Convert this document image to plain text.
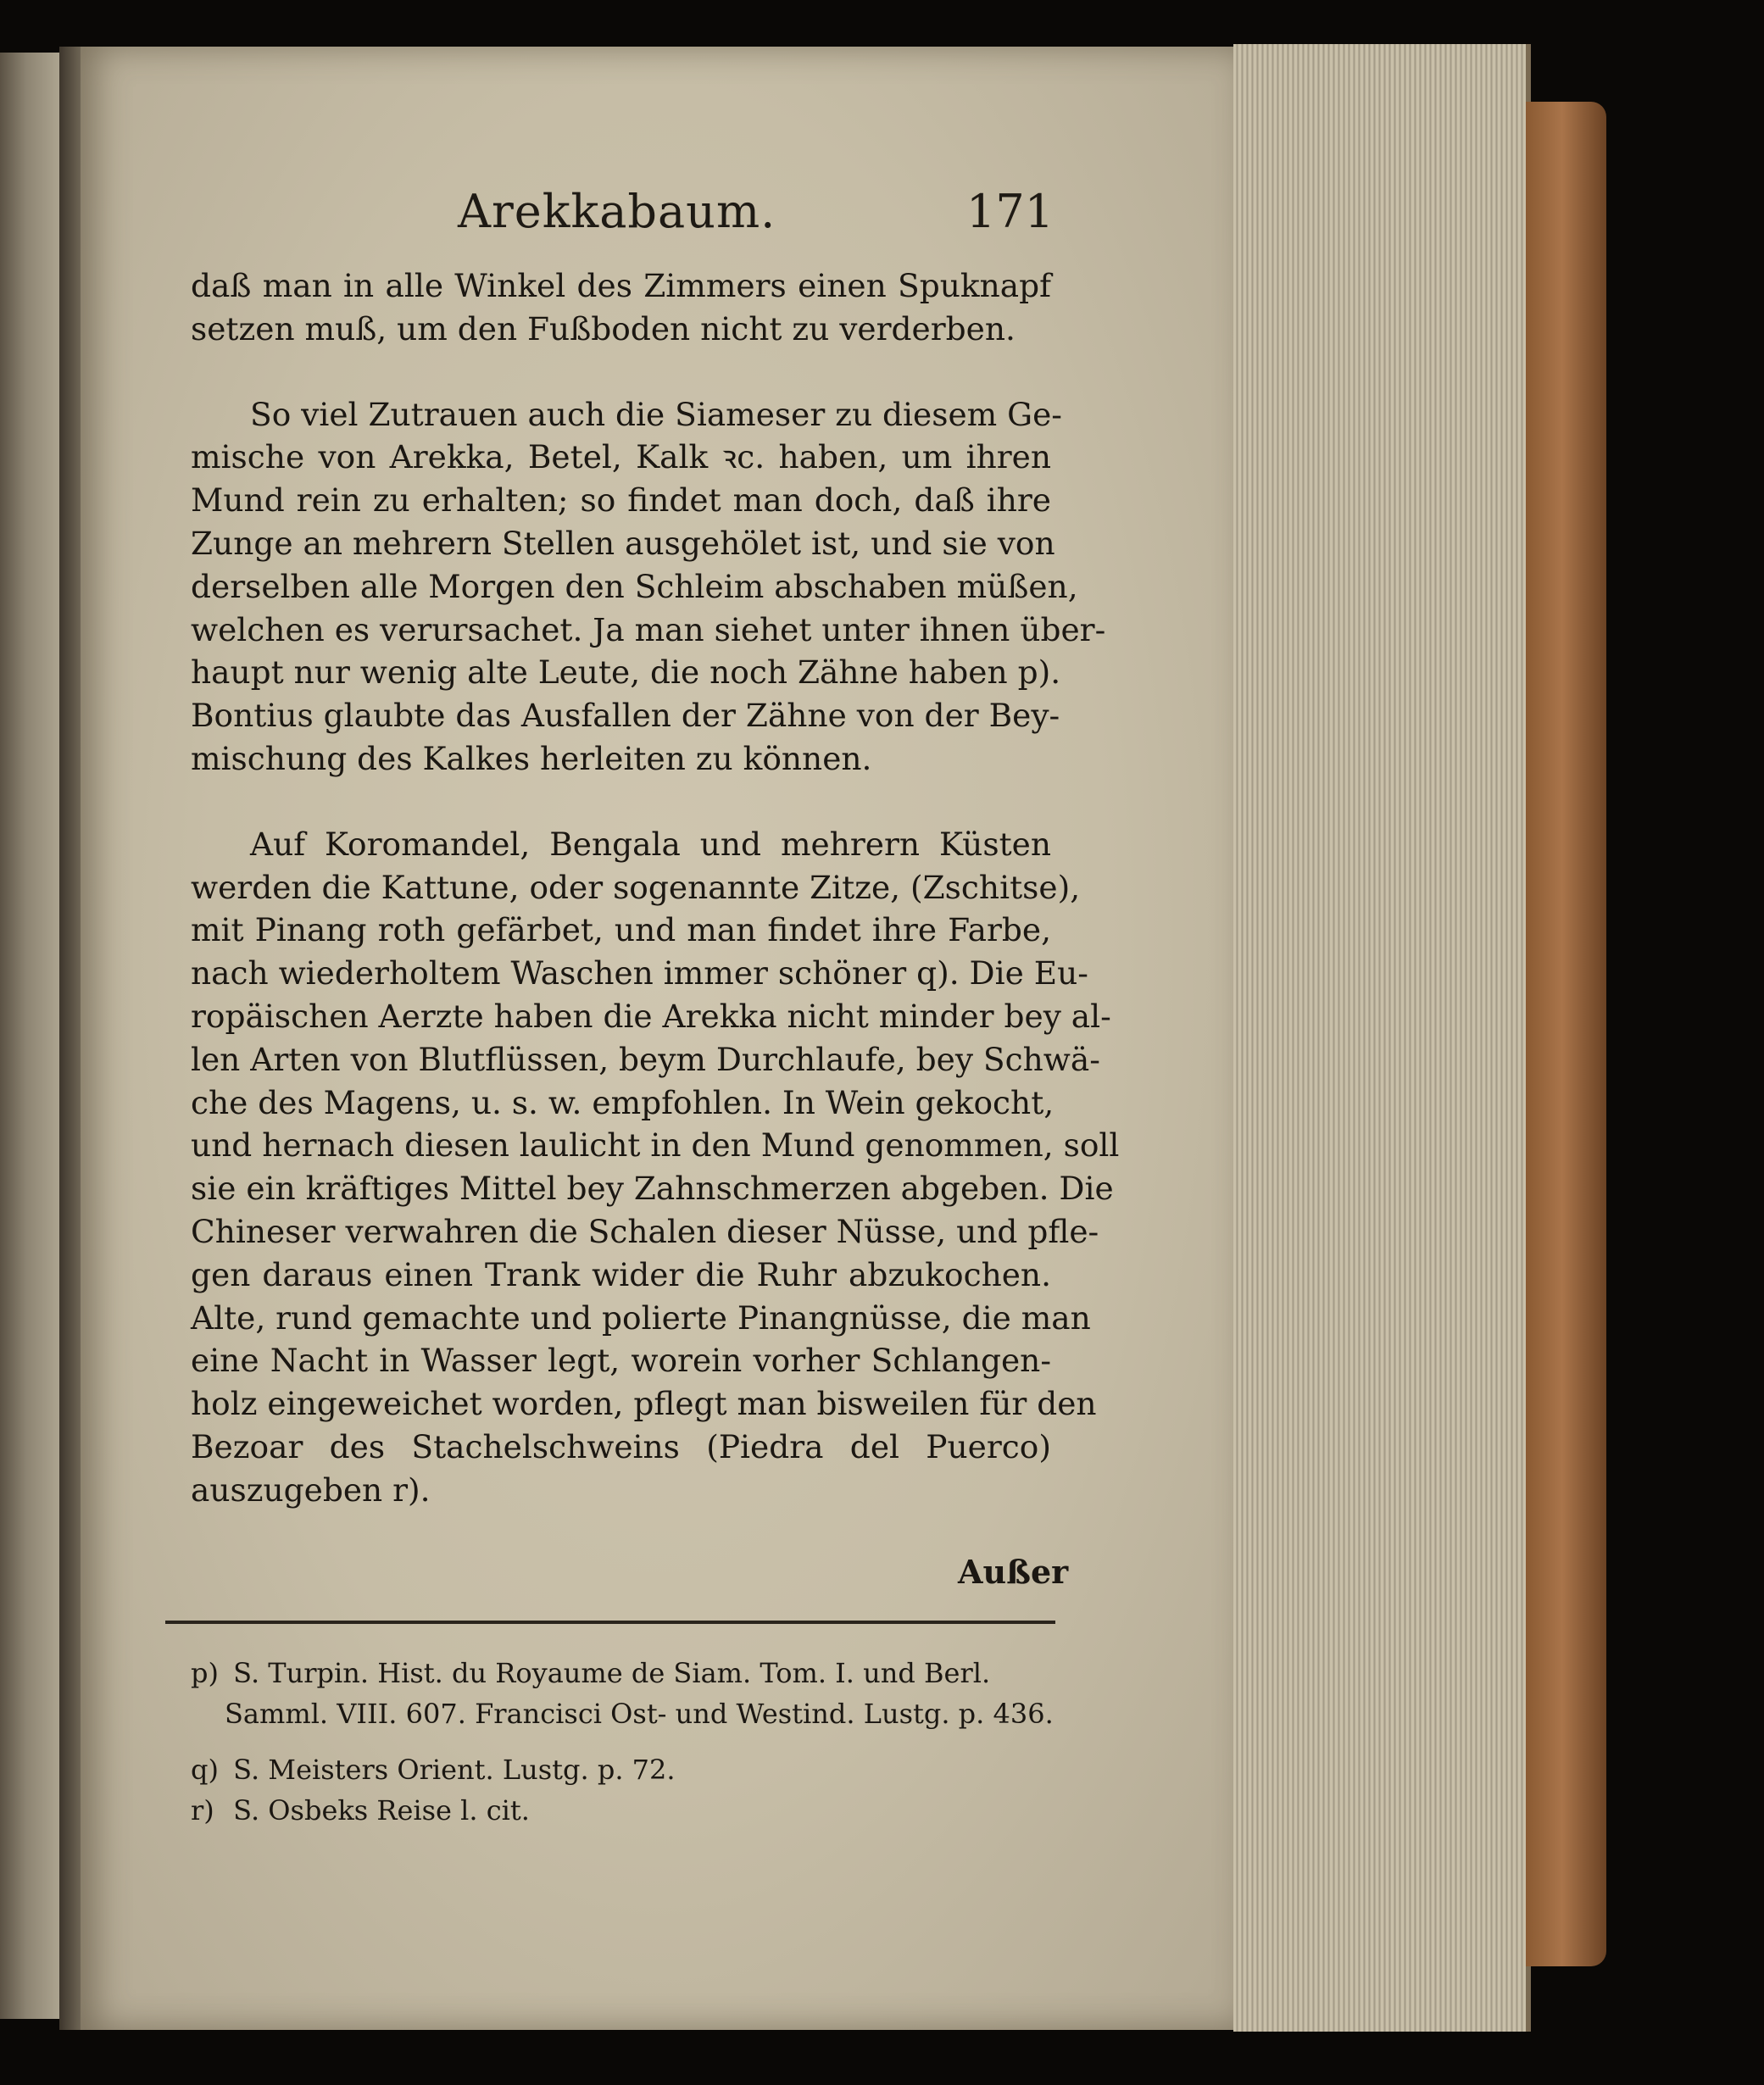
Arekkabaum.	171
daß man in alle Winkel des Zimmers einen Spuknapf
setzen muß, um den Fußboden nicht zu verderben.
So viel Zutrauen auch die Siameser zu diesem Ge-
mische von Arekka, Betel, Kalk ꝛc. haben, um ihren
Mund rein zu erhalten; so findet man doch, daß ihre
Zunge an mehrern Stellen ausgehölet ist, und sie von
derselben alle Morgen den Schleim abschaben müßen,
welchen es verursachet. Ja man siehet unter ihnen über-
haupt nur wenig alte Leute, die noch Zähne haben p).
Bontius glaubte das Ausfallen der Zähne von der Bey-
mischung des Kalkes herleiten zu können.
Auf Koromandel, Bengala und mehrern Küsten
werden die Kattune, oder sogenannte Zitze, (Zschitse),
mit Pinang roth gefärbet, und man findet ihre Farbe,
nach wiederholtem Waschen immer schöner q). Die Eu-
ropäischen Aerzte haben die Arekka nicht minder bey al-
len Arten von Blutflüssen, beym Durchlaufe, bey Schwä-
che des Magens, u. s. w. empfohlen. In Wein gekocht,
und hernach diesen laulicht in den Mund genommen, soll
sie ein kräftiges Mittel bey Zahnschmerzen abgeben. Die
Chineser verwahren die Schalen dieser Nüsse, und pfle-
gen daraus einen Trank wider die Ruhr abzukochen.
Alte, rund gemachte und polierte Pinangnüsse, die man
eine Nacht in Wasser legt, worein vorher Schlangen-
holz eingeweichet worden, pflegt man bisweilen für den
Bezoar des Stachelschweins (Piedra del Puerco)
auszugeben r).
Außer
p) S. Turpin. Hist. du Royaume de Siam. Tom. I. und Berl.
Samml. VIII. 607. Francisci Ost- und Westind. Lustg. p. 436.
q) S. Meisters Orient. Lustg. p. 72.
r) S. Osbeks Reise l. cit.
